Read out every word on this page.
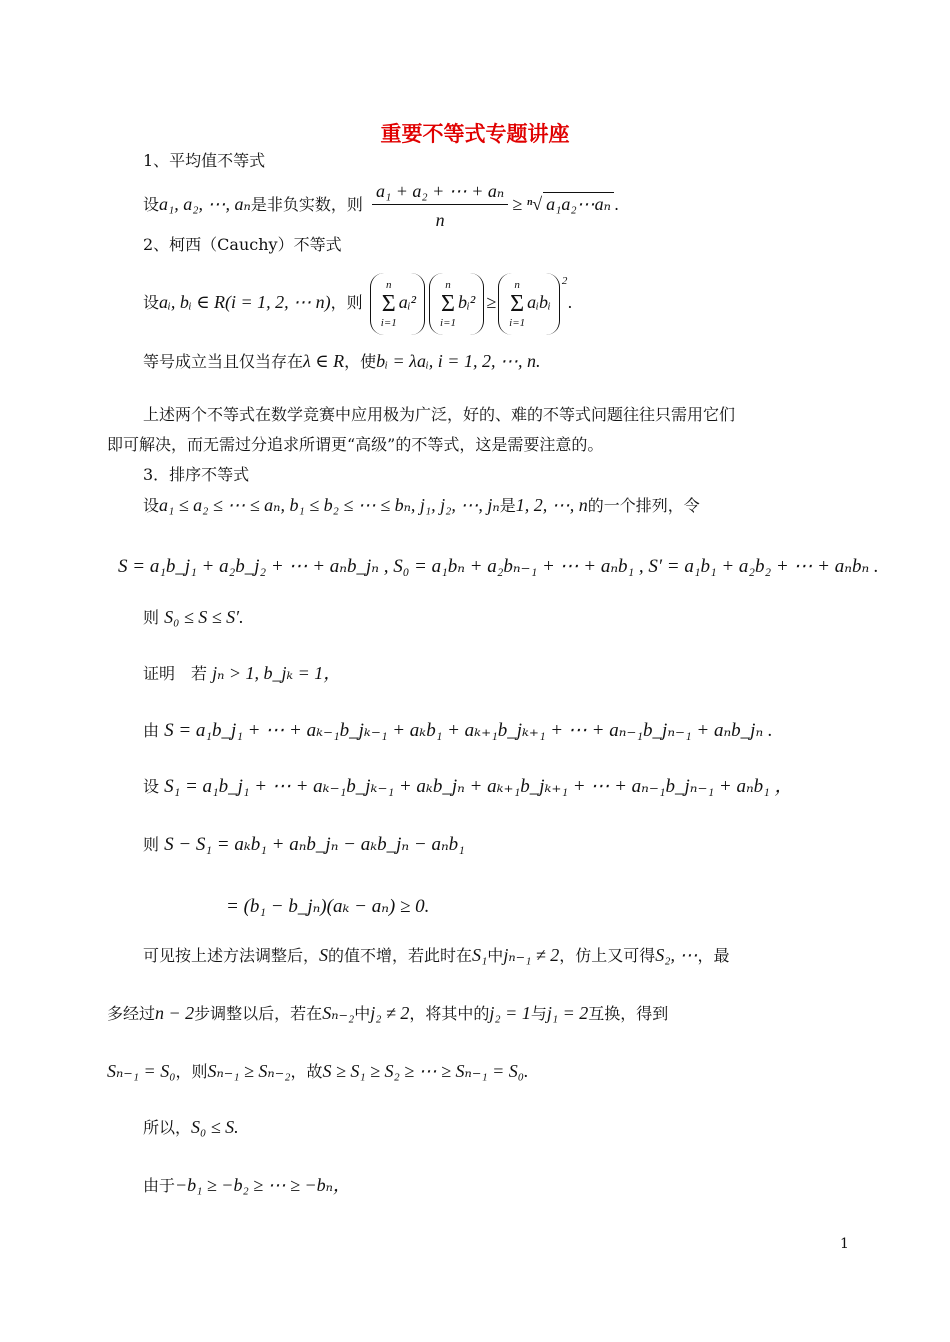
重要不等式专题讲座
1、平均值不等式
设a₁, a₂, ⋯, aₙ是非负实数，则 $\frac{\text{a₁ + a₂ + ⋯ + aₙ}}{n} \ge ^n√$ a₁a₂⋯aₙ .
2、柯西（Cauchy）不等式
设aᵢ, bᵢ ∈ R(i = 1, 2, ⋯ n)，则 n
Σ
i=1aᵢ²n
Σ
i=1bᵢ² ≥n
Σ
i=1aᵢbᵢ$^2$.
等号成立当且仅当存在λ ∈ R，使bᵢ = λaᵢ, i = 1, 2, ⋯, n.
上述两个不等式在数学竞赛中应用极为广泛，好的、难的不等式问题往往只需用它们
即可解决，而无需过分追求所谓更“高级”的不等式，这是需要注意的。
3．排序不等式
设a₁ ≤ a₂ ≤ ⋯ ≤ aₙ, b₁ ≤ b₂ ≤ ⋯ ≤ bₙ, j₁, j₂, ⋯, jₙ是1, 2, ⋯, n的一个排列，令
S = a₁b_j₁ + a₂b_j₂ + ⋯ + aₙb_jₙ , S₀ = a₁bₙ + a₂bₙ₋₁ + ⋯ + aₙb₁ , S′ = a₁b₁ + a₂b₂ + ⋯ + aₙbₙ .
则 S₀ ≤ S ≤ S′.
证明　若 jₙ > 1, b_jₖ = 1，
由 S = a₁b_j₁ + ⋯ + aₖ₋₁b_jₖ₋₁ + aₖb₁ + aₖ₊₁b_jₖ₊₁ + ⋯ + aₙ₋₁b_jₙ₋₁ + aₙb_jₙ .
设 S₁ = a₁b_j₁ + ⋯ + aₖ₋₁b_jₖ₋₁ + aₖb_jₙ + aₖ₊₁b_jₖ₊₁ + ⋯ + aₙ₋₁b_jₙ₋₁ + aₙb₁ ，
则 S − S₁ = aₖb₁ + aₙb_jₙ − aₖb_jₙ − aₙb₁
= (b₁ − b_jₙ)(aₖ − aₙ) ≥ 0.
可见按上述方法调整后，S的值不增，若此时在S₁中jₙ₋₁ ≠ 2，仿上又可得S₂, ⋯，最
多经过n − 2步调整以后，若在Sₙ₋₂中j₂ ≠ 2，将其中的j₂ = 1与j₁ = 2互换，得到
Sₙ₋₁ = S₀，则Sₙ₋₁ ≥ Sₙ₋₂，故S ≥ S₁ ≥ S₂ ≥ ⋯ ≥ Sₙ₋₁ = S₀.
所以，S₀ ≤ S.
由于−b₁ ≥ −b₂ ≥ ⋯ ≥ −bₙ，
1
